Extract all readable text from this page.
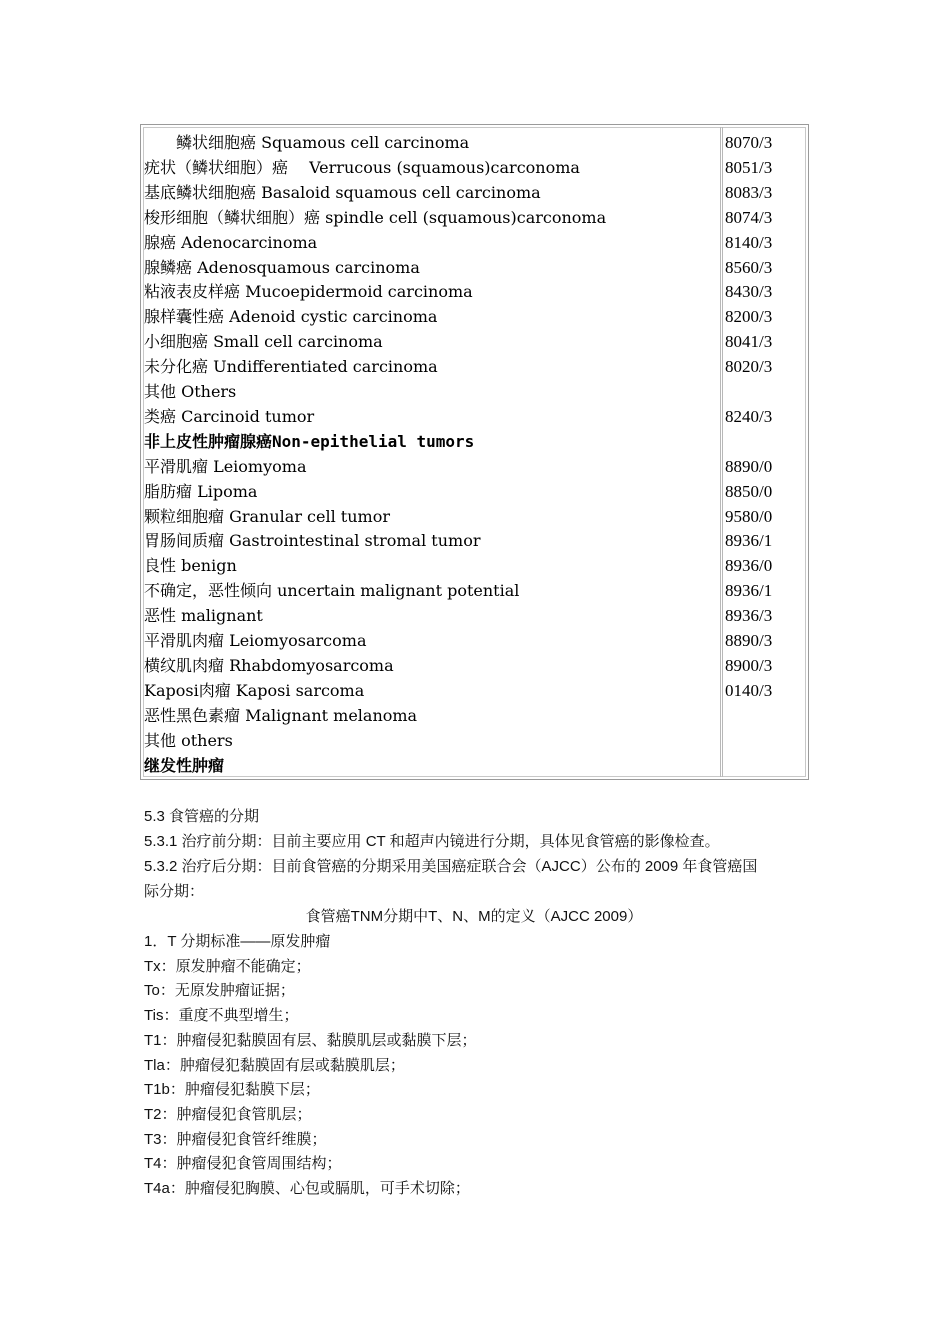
　　鳞状细胞癌 Squamous cell carcinoma	8070/3
疣状（鳞状细胞）癌　 Verrucous (squamous)carconoma	8051/3
基底鳞状细胞癌 Basaloid squamous cell carcinoma	8083/3
梭形细胞（鳞状细胞）癌 spindle cell (squamous)carconoma	8074/3
腺癌 Adenocarcinoma	8140/3
腺鳞癌 Adenosquamous carcinoma	8560/3
粘液表皮样癌 Mucoepidermoid carcinoma	8430/3
腺样囊性癌 Adenoid cystic carcinoma	8200/3
小细胞癌 Small cell carcinoma	8041/3
未分化癌 Undifferentiated carcinoma	8020/3
其他 Others
类癌 Carcinoid tumor	8240/3
非上皮性肿瘤腺癌Non-epithelial tumors
平滑肌瘤 Leiomyoma	8890/0
脂肪瘤 Lipoma	8850/0
颗粒细胞瘤 Granular cell tumor	9580/0
胃肠间质瘤 Gastrointestinal stromal tumor	8936/1
良性 benign	8936/0
不确定，恶性倾向 uncertain malignant potential	8936/1
恶性 malignant	8936/3
平滑肌肉瘤 Leiomyosarcoma	8890/3
横纹肌肉瘤 Rhabdomyosarcoma	8900/3
Kaposi肉瘤 Kaposi sarcoma	0140/3
恶性黑色素瘤 Malignant melanoma
其他 others
继发性肿瘤
5.3 食管癌的分期
5.3.1 治疗前分期：目前主要应用 CT 和超声内镜进行分期，具体见食管癌的影像检查。
5.3.2 治疗后分期：目前食管癌的分期采用美国癌症联合会（AJCC）公布的 2009 年食管癌国
际分期：
食管癌TNM分期中T、N、M的定义（AJCC 2009）
1．T 分期标准——原发肿瘤
Tx：原发肿瘤不能确定；
To：无原发肿瘤证据；
Tis：重度不典型增生；
T1：肿瘤侵犯黏膜固有层、黏膜肌层或黏膜下层；
Tla：肿瘤侵犯黏膜固有层或黏膜肌层；
T1b：肿瘤侵犯黏膜下层；
T2：肿瘤侵犯食管肌层；
T3：肿瘤侵犯食管纤维膜；
T4：肿瘤侵犯食管周围结构；
T4a：肿瘤侵犯胸膜、心包或膈肌，可手术切除；
